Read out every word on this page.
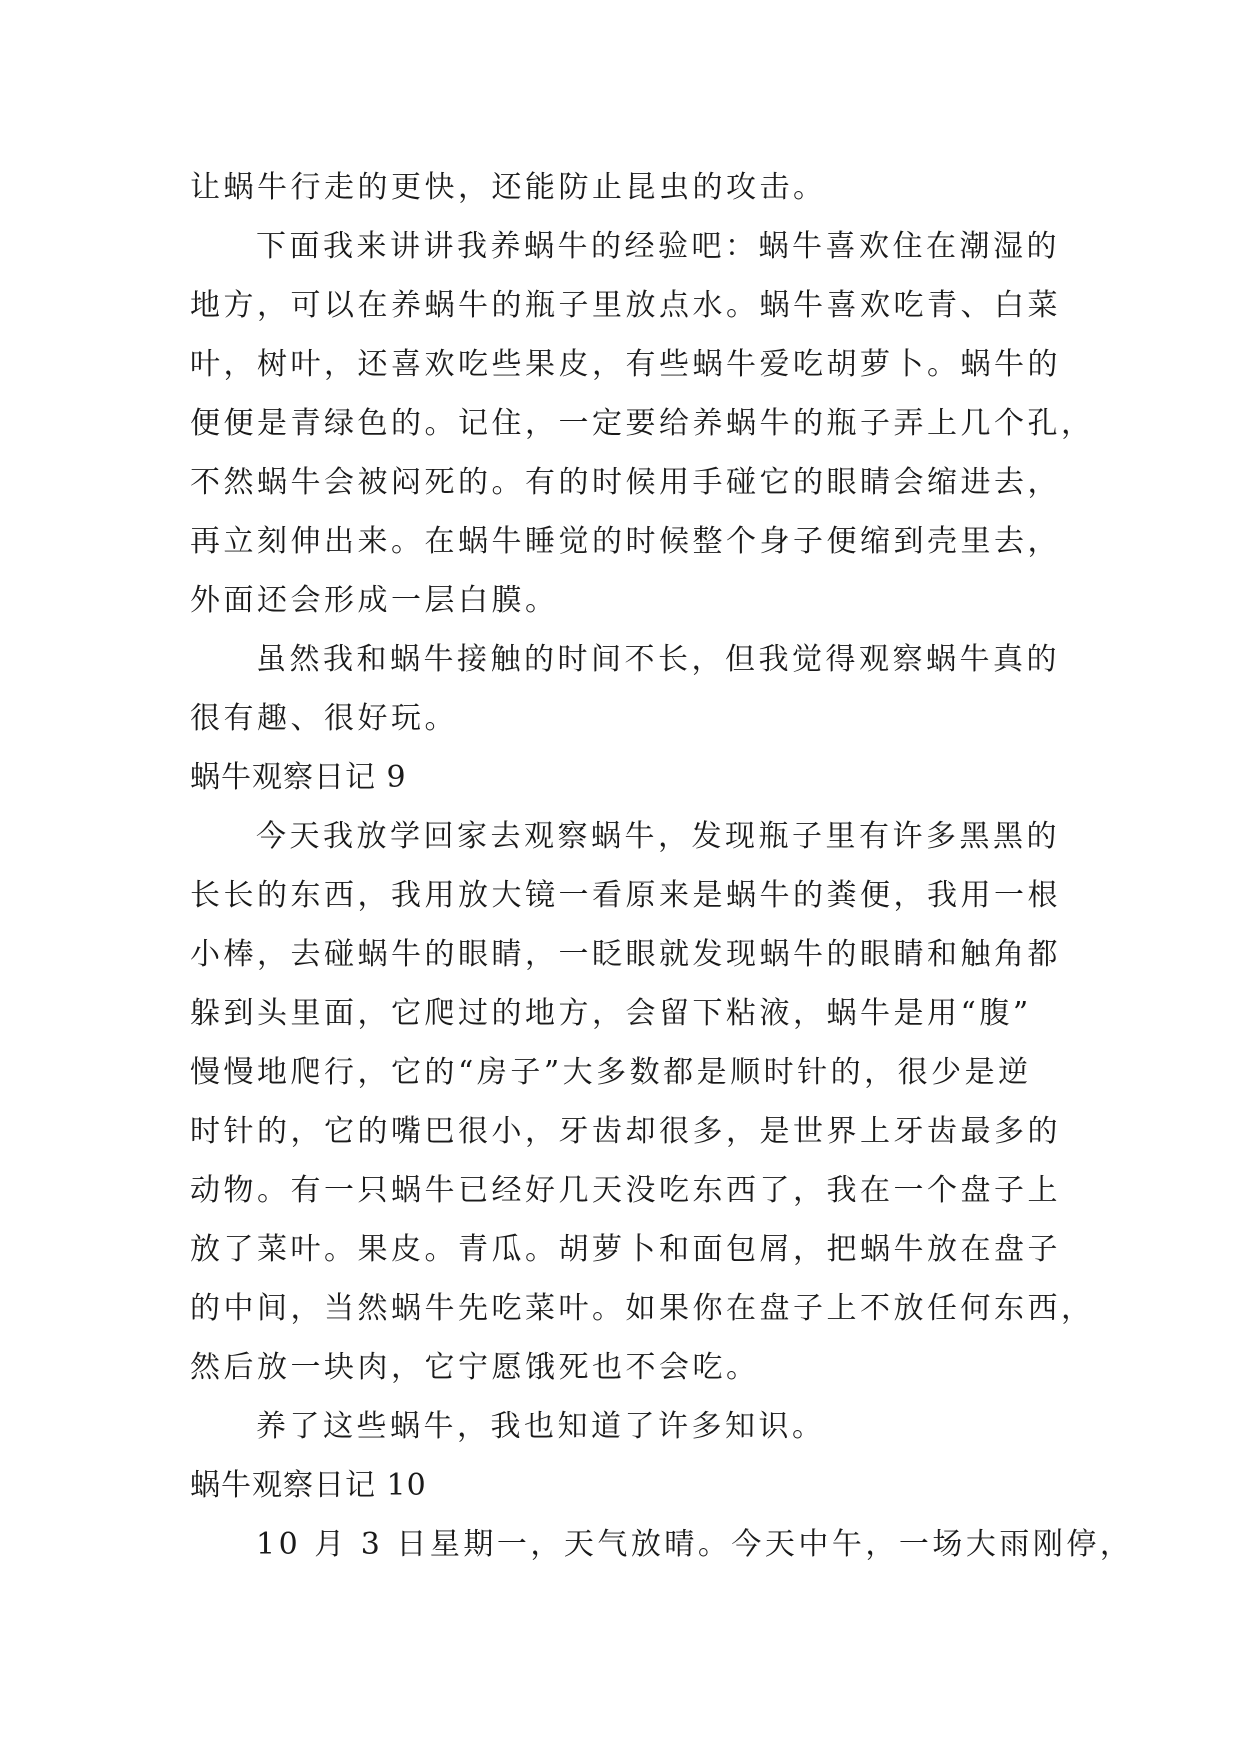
让蜗牛行走的更快，还能防止昆虫的攻击。
下面我来讲讲我养蜗牛的经验吧：蜗牛喜欢住在潮湿的
地方，可以在养蜗牛的瓶子里放点水。蜗牛喜欢吃青、白菜
叶，树叶，还喜欢吃些果皮，有些蜗牛爱吃胡萝卜。蜗牛的
便便是青绿色的。记住，一定要给养蜗牛的瓶子弄上几个孔，
不然蜗牛会被闷死的。有的时候用手碰它的眼睛会缩进去，
再立刻伸出来。在蜗牛睡觉的时候整个身子便缩到壳里去，
外面还会形成一层白膜。
虽然我和蜗牛接触的时间不长，但我觉得观察蜗牛真的
很有趣、很好玩。
蜗牛观察日记 9
今天我放学回家去观察蜗牛，发现瓶子里有许多黑黑的
长长的东西，我用放大镜一看原来是蜗牛的粪便，我用一根
小棒，去碰蜗牛的眼睛，一眨眼就发现蜗牛的眼睛和触角都
躲到头里面，它爬过的地方，会留下粘液，蜗牛是用“腹”
慢慢地爬行，它的“房子”大多数都是顺时针的，很少是逆
时针的，它的嘴巴很小，牙齿却很多，是世界上牙齿最多的
动物。有一只蜗牛已经好几天没吃东西了，我在一个盘子上
放了菜叶。果皮。青瓜。胡萝卜和面包屑，把蜗牛放在盘子
的中间，当然蜗牛先吃菜叶。如果你在盘子上不放任何东西，
然后放一块肉，它宁愿饿死也不会吃。
养了这些蜗牛，我也知道了许多知识。
蜗牛观察日记 10
10 月 3 日星期一，天气放晴。今天中午，一场大雨刚停，
